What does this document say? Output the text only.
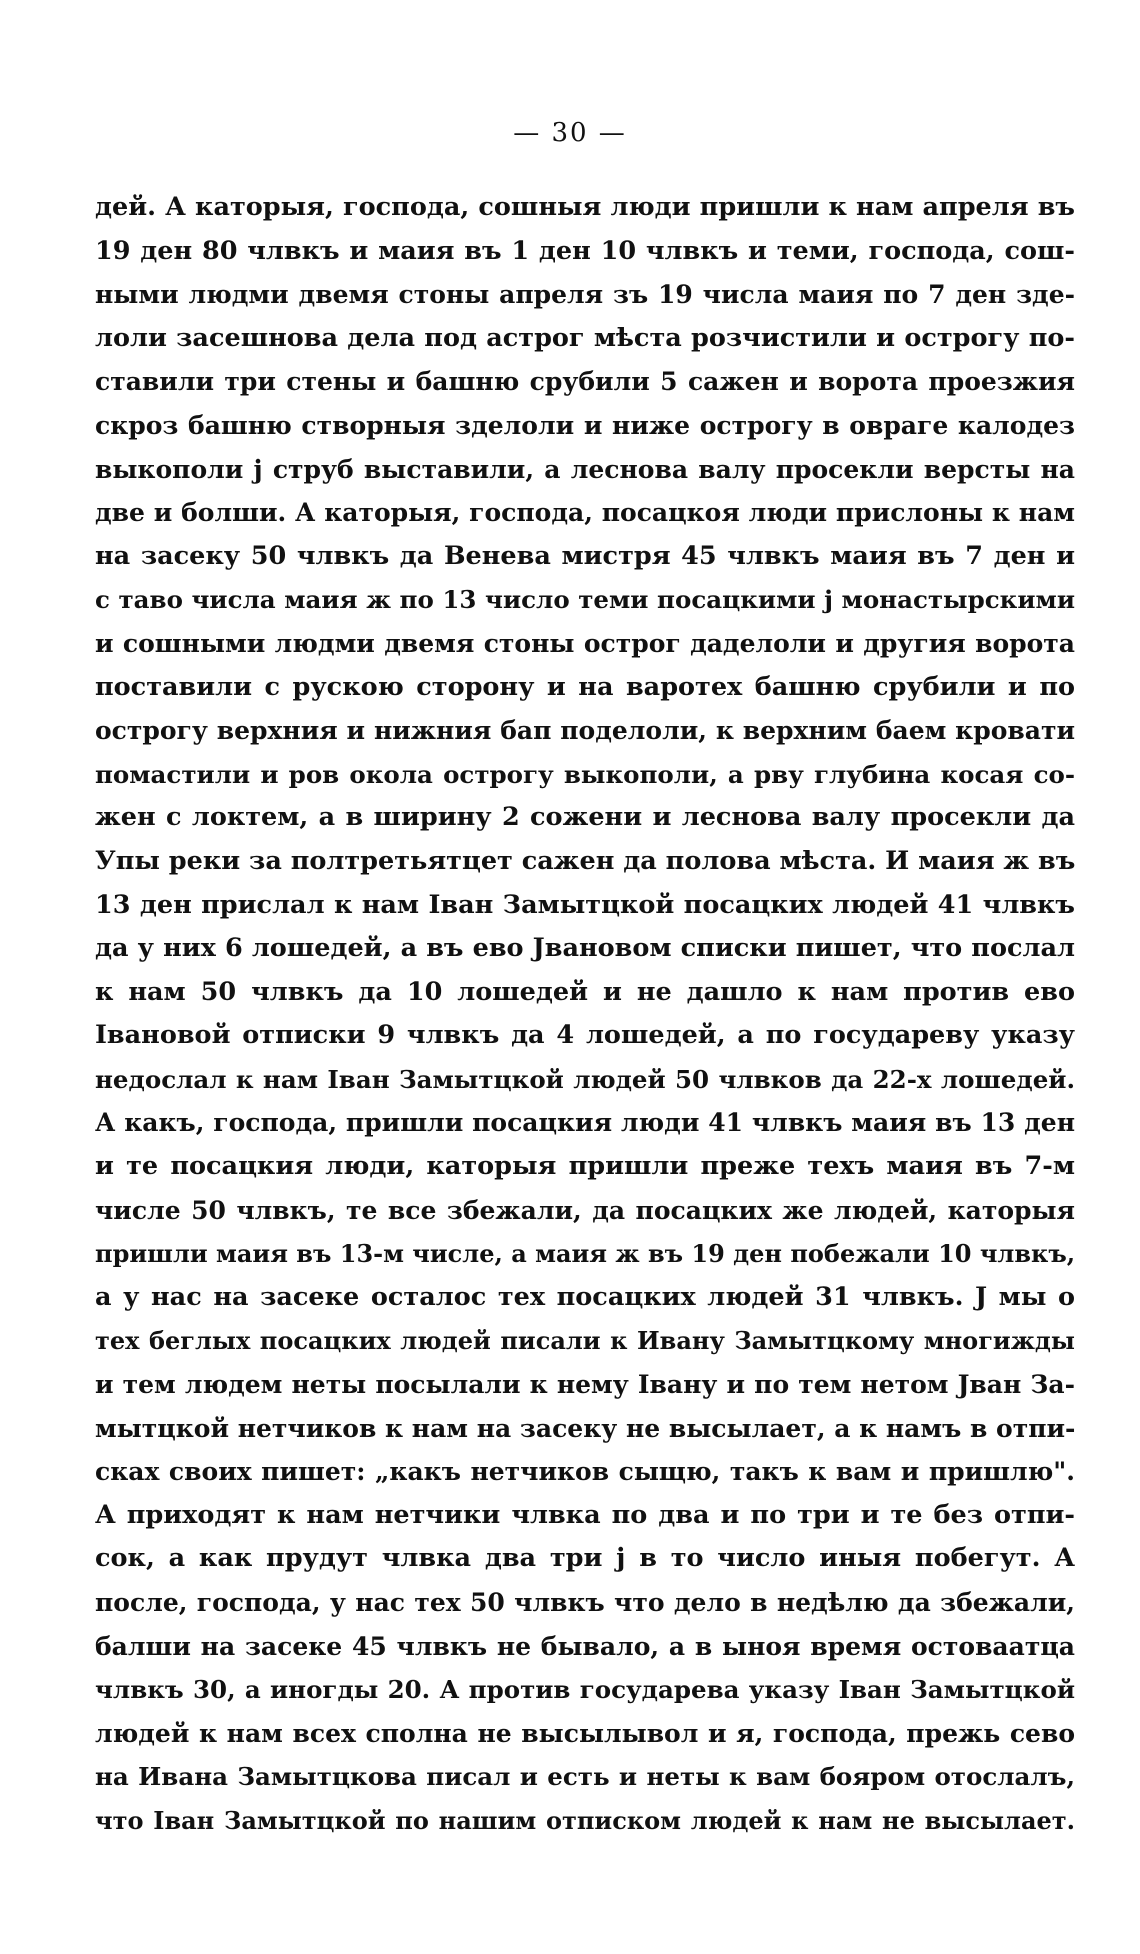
— 30 —
дей. А каторыя, господа, сошныя люди пришли к нам апреля въ
19 ден 80 члвкъ и маия въ 1 ден 10 члвкъ и теми, господа, сош-
ными людми двемя стоны апреля зъ 19 числа маия по 7 ден зде-
лоли засешнова дела под астрог мѣста розчистили и острогу по-
ставили три стены и башню срубили 5 сажен и ворота проезжия
скроз башню створныя зделоли и ниже острогу в овраге калодез
выкополи ј струб выставили, а леснова валу просекли версты на
две и болши. А каторыя, господа, посацкоя люди прислоны к нам
на засеку 50 члвкъ да Венева мистря 45 члвкъ маия въ 7 ден и
с таво числа маия ж по 13 число теми посацкими ј монастырскими
и сошными людми двемя стоны острог даделоли и другия ворота
поставили с рускою сторону и на варотех башню срубили и по
острогу верхния и нижния бап поделоли, к верхним баем кровати
помастили и ров окола острогу выкополи, а рву глубина косая со-
жен с локтем, а в ширину 2 сожени и леснова валу просекли да
Упы реки за полтретьятцет сажен да полова мѣста. И маия ж въ
13 ден прислал к нам Іван Замытцкой посацких людей 41 члвкъ
да у них 6 лошедей, а въ ево Јвановом списки пишет, что послал
к нам 50 члвкъ да 10 лошедей и не дашло к нам против ево
Івановой отписки 9 члвкъ да 4 лошедей, а по государеву указу
недослал к нам Іван Замытцкой людей 50 члвков да 22-х лошедей.
А какъ, господа, пришли посацкия люди 41 члвкъ маия въ 13 ден
и те посацкия люди, каторыя пришли преже техъ маия въ 7-м
числе 50 члвкъ, те все збежали, да посацких же людей, каторыя
пришли маия въ 13-м числе, а маия ж въ 19 ден побежали 10 члвкъ,
а у нас на засеке осталос тех посацких людей 31 члвкъ. Ј мы о
тех беглых посацких людей писали к Ивану Замытцкому многижды
и тем людем неты посылали к нему Івану и по тем нетом Јван За-
мытцкой нетчиков к нам на засеку не высылает, а к намъ в отпи-
сках своих пишет: „какъ нетчиков сыщю, такъ к вам и пришлю".
А приходят к нам нетчики члвка по два и по три и те без отпи-
сок, а как прудут члвка два три ј в то число иныя побегут. А
после, господа, у нас тех 50 члвкъ что дело в недѣлю да збежали,
балши на засеке 45 члвкъ не бывало, а в ыноя время остоваатца
члвкъ 30, а иногды 20. А против государева указу Іван Замытцкой
людей к нам всех сполна не высылывол и я, господа, прежь сево
на Ивана Замытцкова писал и есть и неты к вам бояром отослалъ,
что Іван Замытцкой по нашим отписком людей к нам не высылает.
